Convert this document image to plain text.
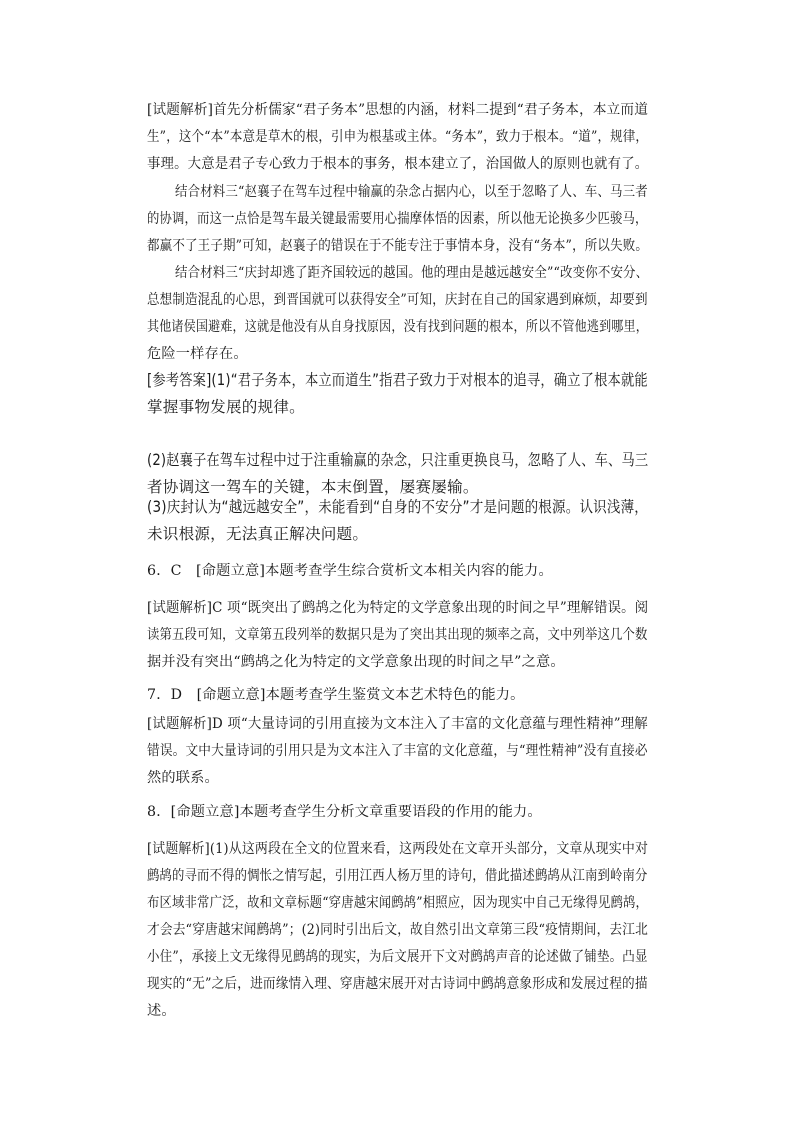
[试题解析]首先分析儒家“君子务本”思想的内涵，材料二提到“君子务本，本立而道
生”，这个“本”本意是草木的根，引申为根基或主体。“务本”，致力于根本。“道”，规律，
事理。大意是君子专心致力于根本的事务，根本建立了，治国做人的原则也就有了。
结合材料三“赵襄子在驾车过程中输赢的杂念占据内心，以至于忽略了人、车、马三者
的协调，而这一点恰是驾车最关键最需要用心揣摩体悟的因素，所以他无论换多少匹骏马，
都赢不了王子期”可知，赵襄子的错误在于不能专注于事情本身，没有“务本”，所以失败。
结合材料三“庆封却逃了距齐国较远的越国。他的理由是越远越安全”“改变你不安分、
总想制造混乱的心思，到晋国就可以获得安全”可知，庆封在自己的国家遇到麻烦，却要到
其他诸侯国避难，这就是他没有从自身找原因，没有找到问题的根本，所以不管他逃到哪里，
危险一样存在。
[参考答案](1)“君子务本，本立而道生”指君子致力于对根本的追寻，确立了根本就能
掌握事物发展的规律。
(2)赵襄子在驾车过程中过于注重输赢的杂念，只注重更换良马，忽略了人、车、马三
者协调这一驾车的关键，本末倒置，屡赛屡输。
(3)庆封认为“越远越安全”，未能看到“自身的不安分”才是问题的根源。认识浅薄，
未识根源，无法真正解决问题。
6．C　[命题立意]本题考查学生综合赏析文本相关内容的能力。
[试题解析]C 项“既突出了鹧鸪之化为特定的文学意象出现的时间之早”理解错误。阅
读第五段可知，文章第五段列举的数据只是为了突出其出现的频率之高，文中列举这几个数
据并没有突出“鹧鸪之化为特定的文学意象出现的时间之早”之意。
7．D　[命题立意]本题考查学生鉴赏文本艺术特色的能力。
[试题解析]D 项“大量诗词的引用直接为文本注入了丰富的文化意蕴与理性精神”理解
错误。文中大量诗词的引用只是为文本注入了丰富的文化意蕴，与“理性精神”没有直接必
然的联系。
8．[命题立意]本题考查学生分析文章重要语段的作用的能力。
[试题解析](1)从这两段在全文的位置来看，这两段处在文章开头部分，文章从现实中对
鹧鸪的寻而不得的惆怅之情写起，引用江西人杨万里的诗句，借此描述鹧鸪从江南到岭南分
布区域非常广泛，故和文章标题“穿唐越宋闻鹧鸪”相照应，因为现实中自己无缘得见鹧鸪，
才会去“穿唐越宋闻鹧鸪”；(2)同时引出后文，故自然引出文章第三段“疫情期间，去江北
小住”，承接上文无缘得见鹧鸪的现实，为后文展开下文对鹧鸪声音的论述做了铺垫。凸显
现实的“无”之后，进而缘情入理、穿唐越宋展开对古诗词中鹧鸪意象形成和发展过程的描
述。
